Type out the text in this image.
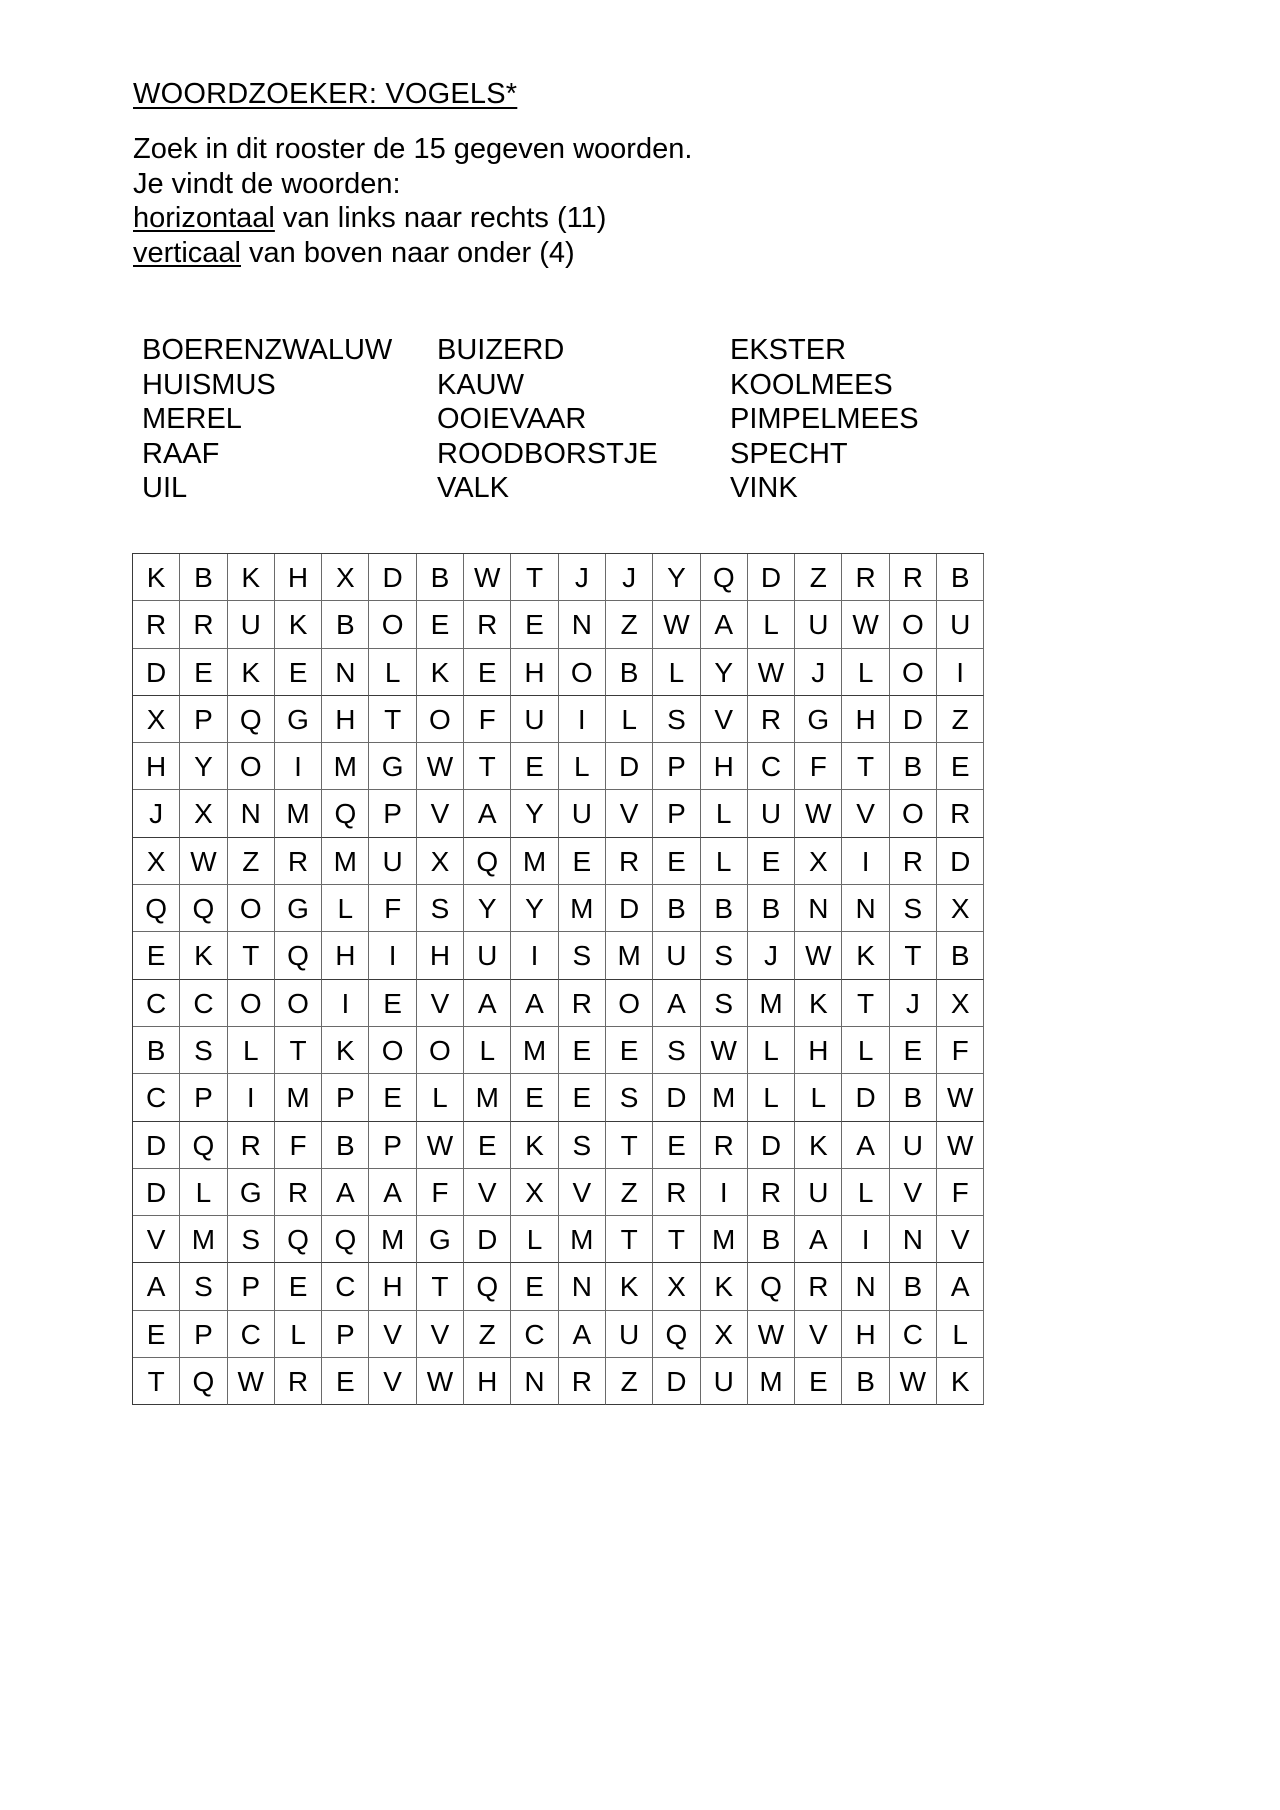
WOORDZOEKER: VOGELS*
Zoek in dit rooster de 15 gegeven woorden.
Je vindt de woorden:
horizontaal van links naar rechts (11)
verticaal van boven naar onder (4)
BOERENZWALUW	BUIZERD	EKSTER
HUISMUS	KAUW	KOOLMEES
MEREL	OOIEVAAR	PIMPELMEES
RAAF	ROODBORSTJE	SPECHT
UIL	VALK	VINK
K	B	K H X D B W T	J	J	Y Q D	Z	R R B
R R U K	B O E R E N	Z W A	L	U W O U
D E	K	E N	L	K	E H O B	L	Y W J	L	O	I
X	P Q G H	T O F	U	I	L	S	V R G H D	Z
H Y O	I	M G W T	E	L	D P H C	F	T	B	E
J	X N M Q P	V	A	Y U V	P	L	U W V O R
X W Z	R M U X Q M E R E	L	E	X	I	R D
Q Q O G	L	F	S	Y	Y M D B	B	B N N S	X
E	K	T Q H	I	H U	I	S M U S	J W K	T	B
C C O O	I	E	V	A	A R O A	S M K	T	J	X
B	S	L	T	K O O	L M E	E	S W L	H	L	E	F
C P	I	M P	E	L M E	E	S D M L	L	D B W
D Q R	F	B	P W E	K	S	T	E R D K	A U W
D	L	G R A	A	F	V	X	V	Z	R	I	R U	L	V	F
V M S Q Q M G D	L M T	T M B	A	I	N V
A	S	P	E C H	T Q E N K	X	K Q R N B	A
E	P C	L	P	V	V	Z	C A U Q X W V H C	L
T Q W R E	V W H N R	Z	D U M E	B W K
